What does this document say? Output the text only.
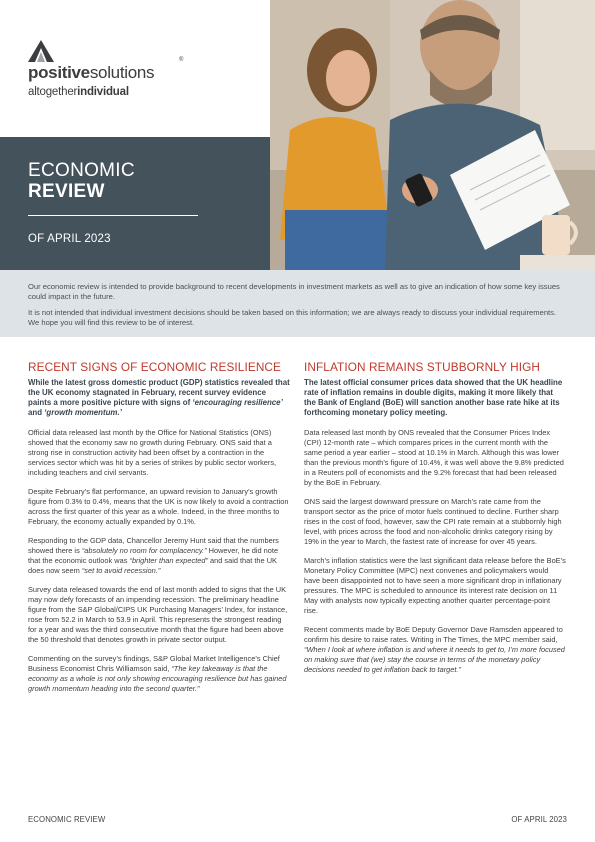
positivesolutions
®
altogetherindividual
ECONOMIC
REVIEW
OF APRIL 2023

Our economic review is intended to provide background to recent developments in investment markets as well as to give an indication of how some key issues could impact in the future.

It is not intended that individual investment decisions should be taken based on this information; we are always ready to discuss your individual requirements. We hope you will find this review to be of interest.

RECENT SIGNS OF ECONOMIC RESILIENCE
While the latest gross domestic product (GDP) statistics revealed that the UK economy stagnated in February, recent survey evidence paints a more positive picture with signs of ‘encouraging resilience’ and ‘growth momentum.’

Official data released last month by the Office for National Statistics (ONS) showed that the economy saw no growth during February. ONS said that a strong rise in construction activity had been offset by a contraction in the services sector which was hit by a series of strikes by public sector workers, including teachers and civil servants.

Despite February’s flat performance, an upward revision to January’s growth figure from 0.3% to 0.4%, means that the UK is now likely to avoid a contraction across the first quarter of this year as a whole. Indeed, in the three months to February, the economy actually expanded by 0.1%.

Responding to the GDP data, Chancellor Jeremy Hunt said that the numbers showed there is “absolutely no room for complacency.” However, he did note that the economic outlook was “brighter than expected” and said that the UK does now seem “set to avoid recession.”

Survey data released towards the end of last month added to signs that the UK may now defy forecasts of an impending recession. The preliminary headline figure from the S&P Global/CIPS UK Purchasing Managers’ Index, for instance, rose from 52.2 in March to 53.9 in April. This represents the strongest reading for a year and was the third consecutive month that the figure had been above the 50 threshold that denotes growth in private sector output.

Commenting on the survey’s findings, S&P Global Market Intelligence’s Chief Business Economist Chris Williamson said, “The key takeaway is that the economy as a whole is not only showing encouraging resilience but has gained growth momentum heading into the second quarter.”

INFLATION REMAINS STUBBORNLY HIGH
The latest official consumer prices data showed that the UK headline rate of inflation remains in double digits, making it more likely that the Bank of England (BoE) will sanction another base rate hike at its forthcoming monetary policy meeting.

Data released last month by ONS revealed that the Consumer Prices Index (CPI) 12-month rate – which compares prices in the current month with the same period a year earlier – stood at 10.1% in March. Although this was lower than the previous month’s figure of 10.4%, it was well above the 9.8% predicted in a Reuters poll of economists and the 9.2% forecast that had been released by the BoE in February.

ONS said the largest downward pressure on March’s rate came from the transport sector as the price of motor fuels continued to decline. Further sharp rises in the cost of food, however, saw the CPI rate remain at a stubbornly high level, with prices across the food and non-alcoholic drinks category rising by 19% in the year to March, the fastest rate of increase for over 45 years.

March’s inflation statistics were the last significant data release before the BoE’s Monetary Policy Committee (MPC) next convenes and policymakers would have been disappointed not to have seen a more significant drop in inflationary pressures. The MPC is scheduled to announce its interest rate decision on 11 May with analysts now typically expecting another quarter percentage-point rise.

Recent comments made by BoE Deputy Governor Dave Ramsden appeared to confirm his desire to raise rates. Writing in The Times, the MPC member said, “When I look at where inflation is and where it needs to get to, I’m more focused on making sure that (we) stay the course in terms of the monetary policy decisions needed to get inflation back to target.”

ECONOMIC REVIEW	OF APRIL 2023
